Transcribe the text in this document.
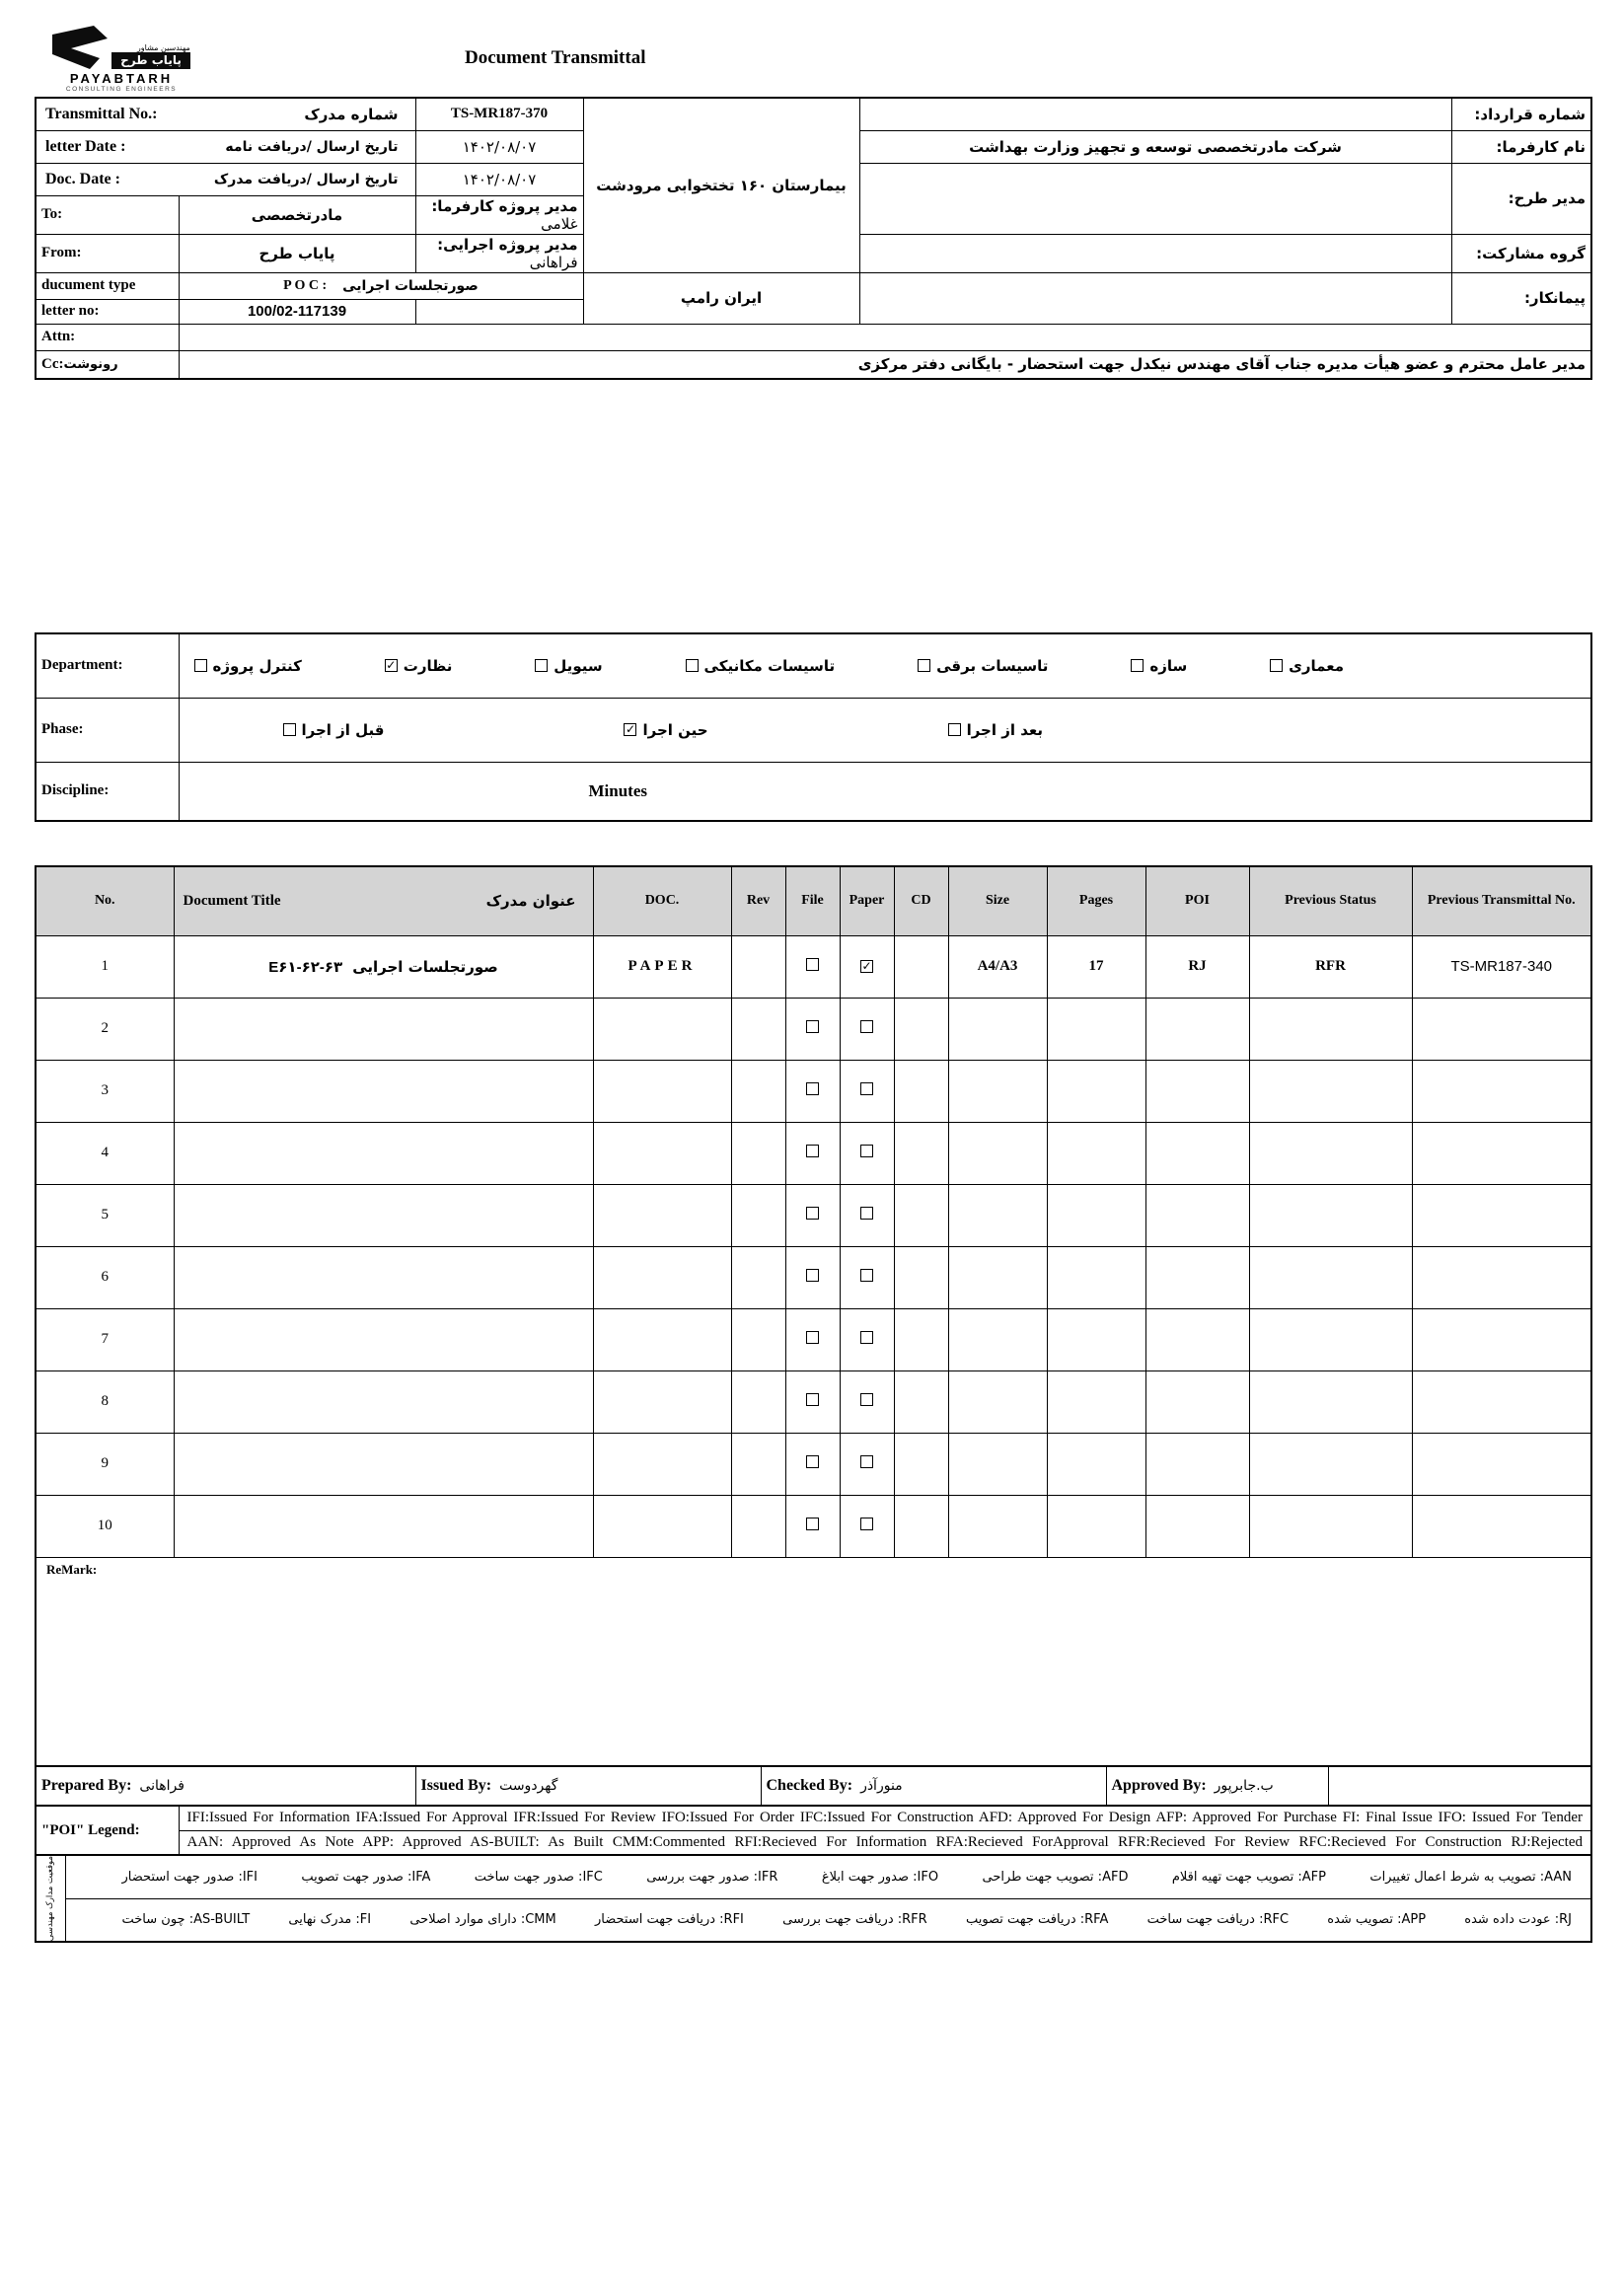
مهندسین مشاور
پایاب طرح
PAYABTARH
CONSULTING ENGINEERS
Document Transmittal
Transmittal No.: شماره مدرک		TS-MR187-370	بیمارستان ۱۶۰ تختخوابی مرودشت		شماره قرارداد:

letter Date : تاریخ ارسال /دریافت نامه		۱۴۰۲/۰۸/۰۷		شرکت مادرتخصصی توسعه و تجهیز وزارت بهداشت	نام کارفرما:

Doc. Date : تاریخ ارسال /دریافت مدرک		۱۴۰۲/۰۸/۰۷			مدیر طرح:
To:	مادرتخصصی	مدیر پروژه کارفرما: غلامی			
From:	پایاب طرح	مدیر پروژه اجرایی: فراهانی			گروه مشارکت:
ducument type	P O C : صورتجلسات اجرایی		ایران رامپ		پیمانکار:
letter no:	100/02-117139				
Attn:					
Cc:رونوشت	مدیر عامل محترم و عضو هیأت مدیره جناب آقای مهندس نیکدل جهت استحضار - بایگانی دفتر مرکزی				
Department:	کنترل پروژه	✓ نظارت	سیویل	تاسیسات مکانیکی	تاسیسات برقی	سازه	معماری

Phase:	قبل از اجرا ✓ حین اجرا بعد از اجرا

Discipline:	Minutes
No.	Document Title عنوان مدرک	DOC.	Rev	File	Paper	CD	Size	Pages	POI	Previous Status	Previous Transmittal No.
1	E۶۱-۶۲-۶۳ صورتجلسات اجرایی	PAPER			✓		A4/A3	17	RJ	RFR	TS-MR187-340
2	

3	

4	

5	

6	

7	

8	

9	

10	

ReMark:											
Prepared By: فراهانی	Issued By: گهردوست	Checked By: منورآذر	Approved By: ب.جابرپور	
"POI" Legend:	IFI:Issued For Information IFA:Issued For Approval IFR:Issued For Review IFO:Issued For Order IFC:Issued For Construction AFD: Approved For Design AFP: Approved For Purchase FI: Final Issue IFO: Issued For Tender
AAN: Approved As Note APP: Approved AS-BUILT: As Built CMM:Commented RFI:Recieved For Information RFA:Recieved ForApproval RFR:Recieved For Review RFC:Recieved For Construction RJ:Rejected
موقعیت مدارک مهندسی	IFI: صدور جهت استحضار	IFA: صدور جهت تصویب	IFC: صدور جهت ساخت	IFR: صدور جهت بررسی	IFO: صدور جهت ابلاغ	AFD: تصویب جهت طراحی	AFP: تصویب جهت تهیه اقلام	AAN: تصویب به شرط اعمال تغییرات

AS-BUILT: چون ساخت	FI: مدرک نهایی	CMM: دارای موارد اصلاحی	RFI: دریافت جهت استحضار	RFR: دریافت جهت بررسی	RFA: دریافت جهت تصویب	RFC: دریافت جهت ساخت	APP: تصویب شده	RJ: عودت داده شده
